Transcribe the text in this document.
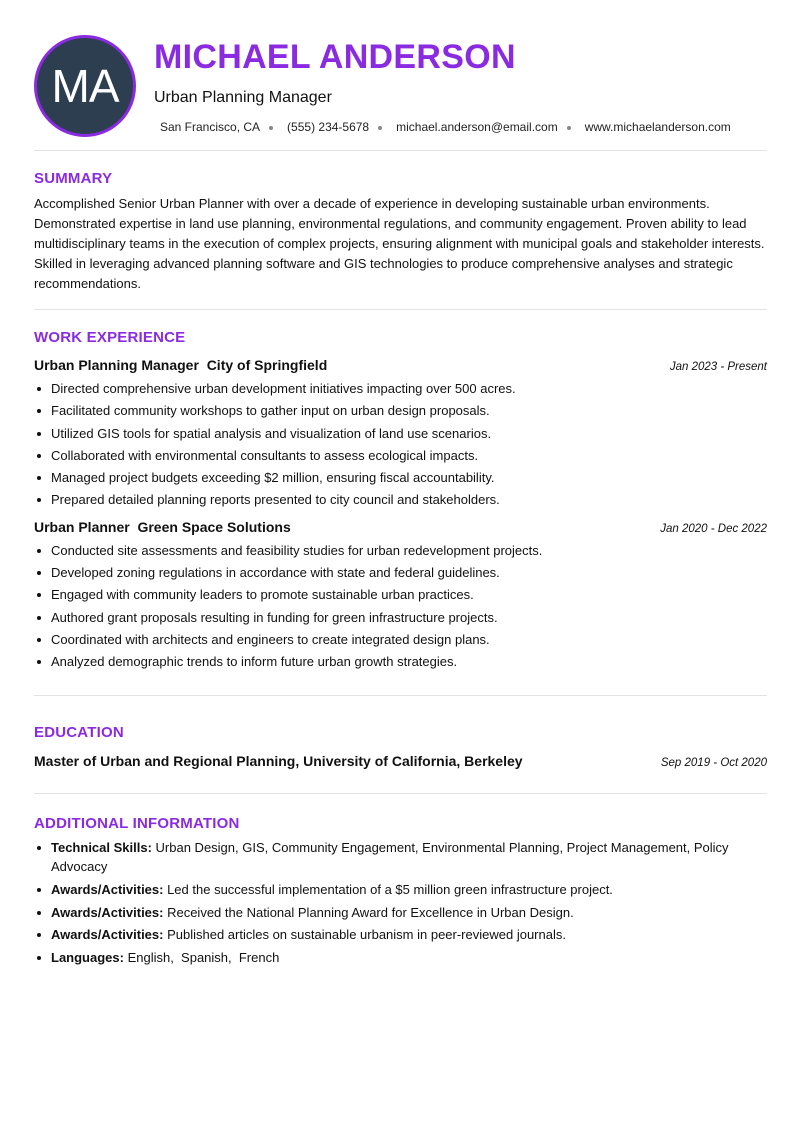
MA
MICHAEL ANDERSON
Urban Planning Manager
San Francisco, CA (555) 234-5678 michael.anderson@email.com www.michaelanderson.com
SUMMARY

Accomplished Senior Urban Planner with over a decade of experience in developing sustainable urban environments. Demonstrated expertise in land use planning, environmental regulations, and community engagement. Proven ability to lead multidisciplinary teams in the execution of complex projects, ensuring alignment with municipal goals and stakeholder interests. Skilled in leveraging advanced planning software and GIS technologies to produce comprehensive analyses and strategic recommendations.

WORK EXPERIENCE
Urban Planning Manager  City of Springfield	Jan 2023 - Present
Directed comprehensive urban development initiatives impacting over 500 acres.
Facilitated community workshops to gather input on urban design proposals.
Utilized GIS tools for spatial analysis and visualization of land use scenarios.
Collaborated with environmental consultants to assess ecological impacts.
Managed project budgets exceeding $2 million, ensuring fiscal accountability.
Prepared detailed planning reports presented to city council and stakeholders.
Urban Planner  Green Space Solutions	Jan 2020 - Dec 2022
Conducted site assessments and feasibility studies for urban redevelopment projects.
Developed zoning regulations in accordance with state and federal guidelines.
Engaged with community leaders to promote sustainable urban practices.
Authored grant proposals resulting in funding for green infrastructure projects.
Coordinated with architects and engineers to create integrated design plans.
Analyzed demographic trends to inform future urban growth strategies.
EDUCATION
Master of Urban and Regional Planning, University of California, Berkeley	Sep 2019 - Oct 2020
ADDITIONAL INFORMATION
Technical Skills: Urban Design, GIS, Community Engagement, Environmental Planning, Project Management, Policy Advocacy
Awards/Activities: Led the successful implementation of a $5 million green infrastructure project.
Awards/Activities: Received the National Planning Award for Excellence in Urban Design.
Awards/Activities: Published articles on sustainable urbanism in peer-reviewed journals.
Languages: English,  Spanish,  French
